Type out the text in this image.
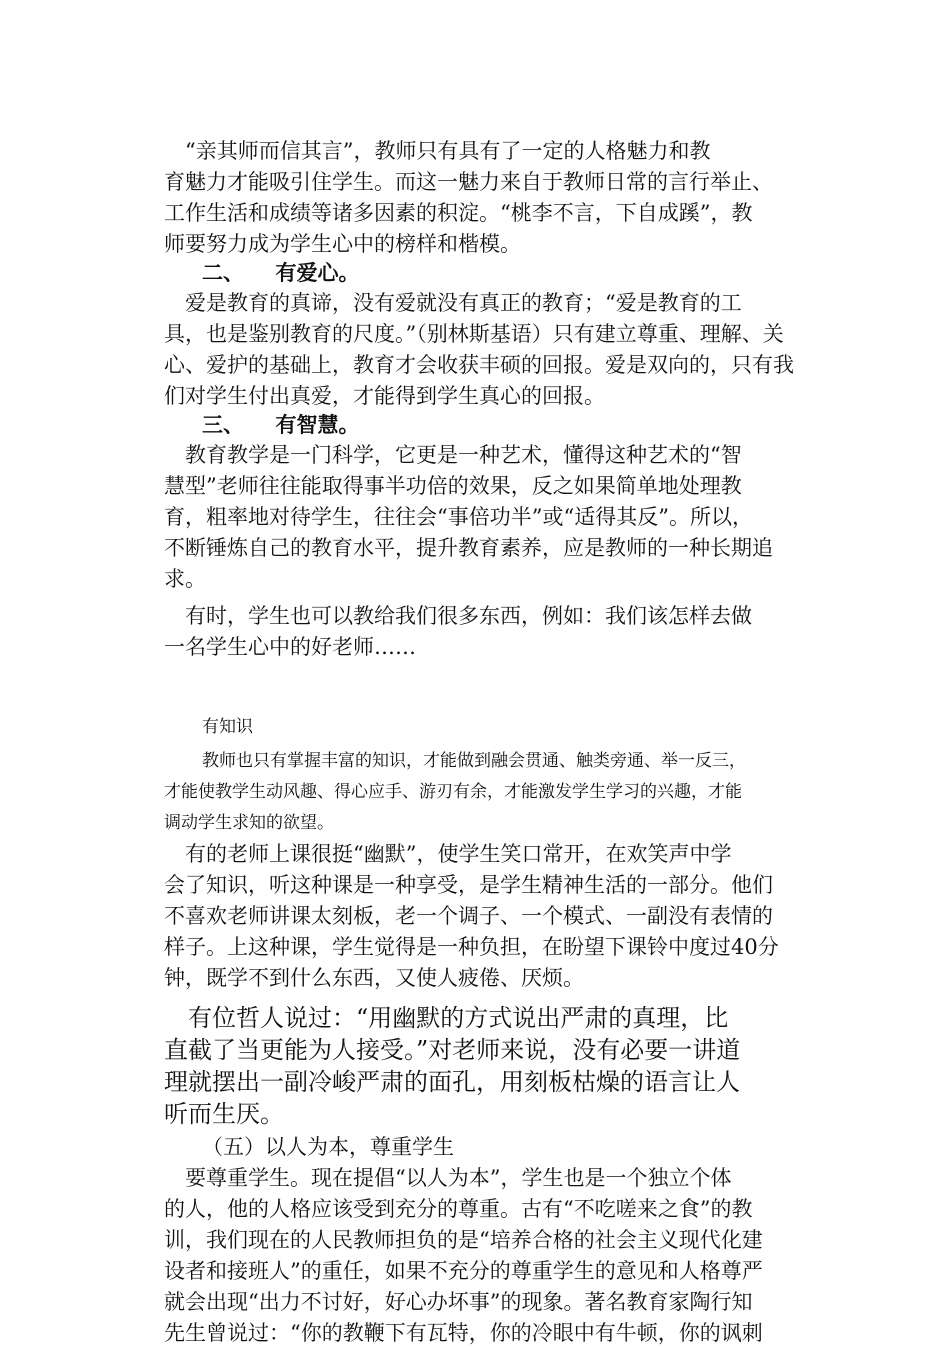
　“亲其师而信其言”，教师只有具有了一定的人格魅力和教
育魅力才能吸引住学生。而这一魅力来自于教师日常的言行举止、
工作生活和成绩等诸多因素的积淀。“桃李不言，下自成蹊”，教
师要努力成为学生心中的榜样和楷模。
二、　　有爱心。
　爱是教育的真谛，没有爱就没有真正的教育；“爱是教育的工
具，也是鉴别教育的尺度。”（别林斯基语）只有建立尊重、理解、关
心、爱护的基础上，教育才会收获丰硕的回报。爱是双向的，只有我
们对学生付出真爱，才能得到学生真心的回报。
三、　　有智慧。
　教育教学是一门科学，它更是一种艺术，懂得这种艺术的“智
慧型”老师往往能取得事半功倍的效果，反之如果简单地处理教
育，粗率地对待学生，往往会“事倍功半”或“适得其反”。所以，
不断锤炼自己的教育水平，提升教育素养，应是教师的一种长期追
求。
　有时，学生也可以教给我们很多东西，例如：我们该怎样去做
一名学生心中的好老师……
有知识
教师也只有掌握丰富的知识，才能做到融会贯通、触类旁通、举一反三，
才能使教学生动风趣、得心应手、游刃有余，才能激发学生学习的兴趣，才能
调动学生求知的欲望。
　有的老师上课很挺“幽默”，使学生笑口常开，在欢笑声中学
会了知识，听这种课是一种享受，是学生精神生活的一部分。他们
不喜欢老师讲课太刻板，老一个调子、一个模式、一副没有表情的
样子。上这种课，学生觉得是一种负担，在盼望下课铃中度过40分
钟，既学不到什么东西，又使人疲倦、厌烦。
　有位哲人说过：“用幽默的方式说出严肃的真理，比
直截了当更能为人接受。”对老师来说，没有必要一讲道
理就摆出一副冷峻严肃的面孔，用刻板枯燥的语言让人
听而生厌。
（五）以人为本，尊重学生
　要尊重学生。现在提倡“以人为本”，学生也是一个独立个体
的人，他的人格应该受到充分的尊重。古有“不吃嗟来之食”的教
训，我们现在的人民教师担负的是“培养合格的社会主义现代化建
设者和接班人”的重任，如果不充分的尊重学生的意见和人格尊严
就会出现“出力不讨好，好心办坏事”的现象。著名教育家陶行知
先生曾说过：“你的教鞭下有瓦特，你的冷眼中有牛顿，你的讽刺
